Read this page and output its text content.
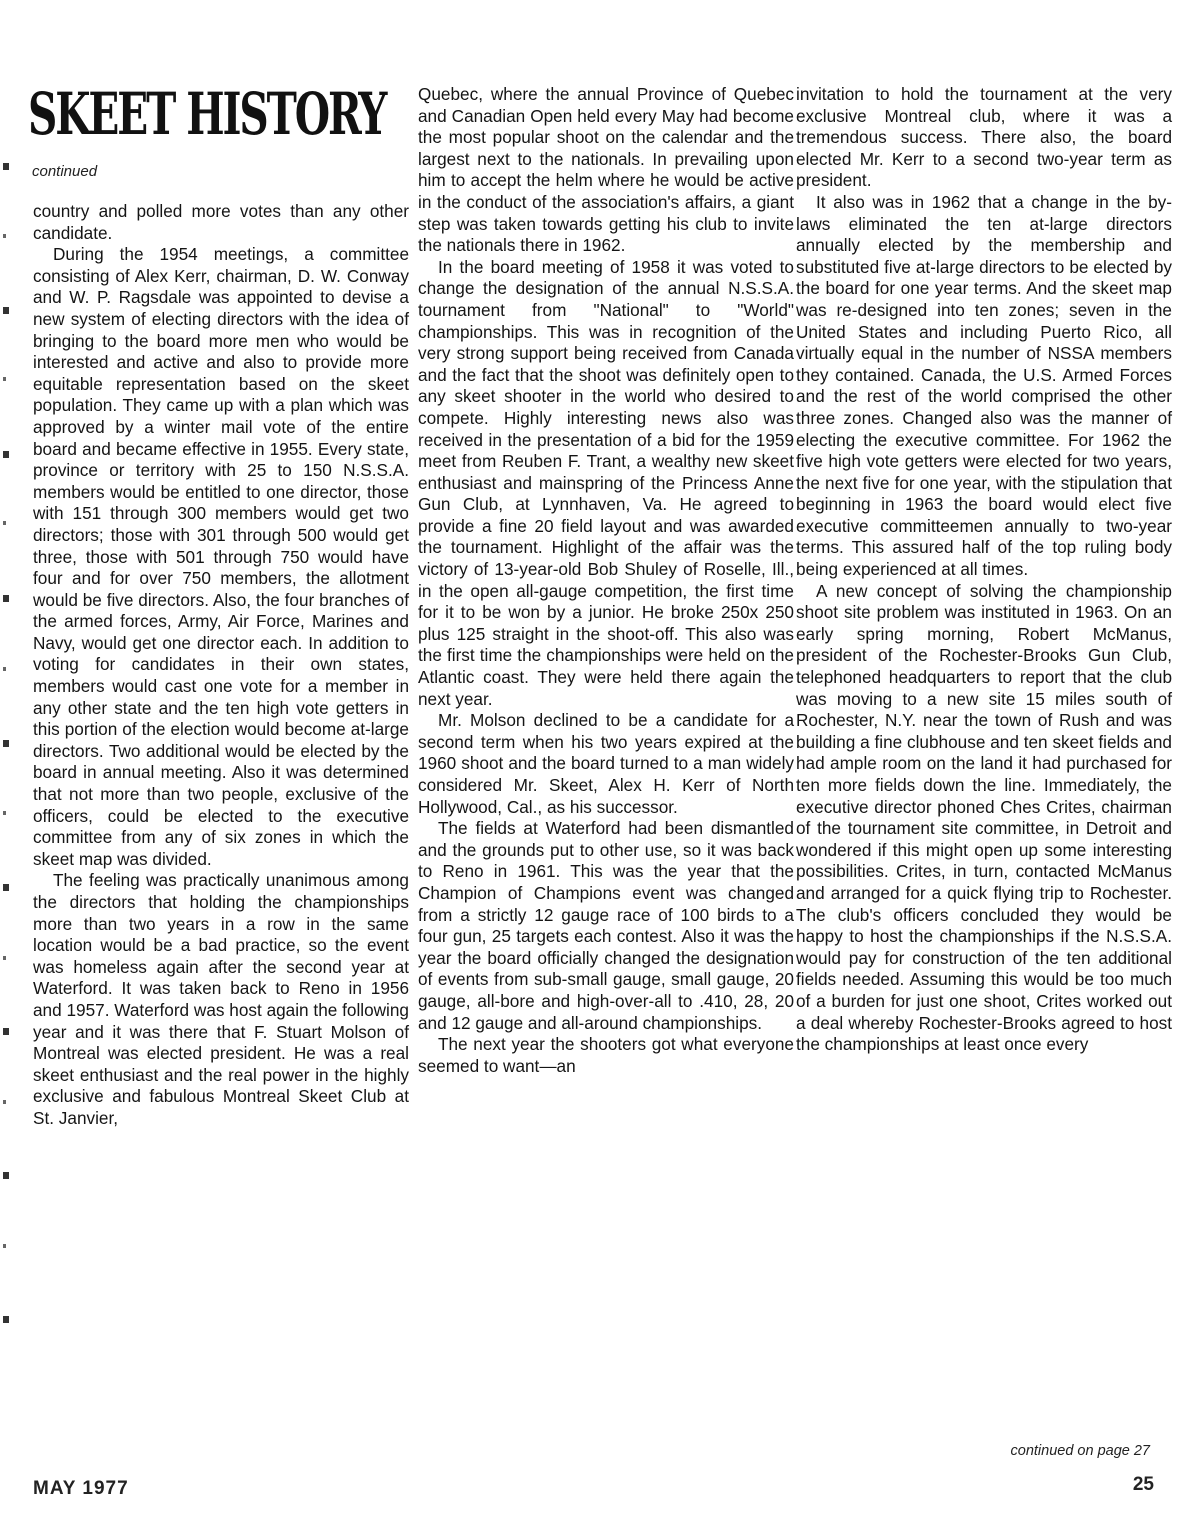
SKEET HISTORY
continued

country and polled more votes than any other candidate.

During the 1954 meetings, a committee consisting of Alex Kerr, chairman, D. W. Conway and W. P. Ragsdale was appointed to devise a new system of electing directors with the idea of bringing to the board more men who would be interested and active and also to provide more equitable representation based on the skeet population. They came up with a plan which was approved by a winter mail vote of the entire board and became effective in 1955. Every state, province or territory with 25 to 150 N.S.S.A. members would be entitled to one director, those with 151 through 300 members would get two directors; those with 301 through 500 would get three, those with 501 through 750 would have four and for over 750 members, the allotment would be five directors. Also, the four branches of the armed forces, Army, Air Force, Marines and Navy, would get one director each. In addition to voting for candidates in their own states, members would cast one vote for a member in any other state and the ten high vote getters in this portion of the election would become at-large directors. Two additional would be elected by the board in annual meeting. Also it was determined that not more than two people, exclusive of the officers, could be elected to the executive committee from any of six zones in which the skeet map was divided.

The feeling was practically unanimous among the directors that holding the championships more than two years in a row in the same location would be a bad practice, so the event was homeless again after the second year at Waterford. It was taken back to Reno in 1956 and 1957. Waterford was host again the following year and it was there that F. Stuart Molson of Montreal was elected president. He was a real skeet enthusiast and the real power in the highly exclusive and fabulous Montreal Skeet Club at St. Janvier,

Quebec, where the annual Province of Quebec and Canadian Open held every May had become the most popular shoot on the calendar and the largest next to the nationals. In prevailing upon him to accept the helm where he would be active in the conduct of the association's affairs, a giant step was taken towards getting his club to invite the nationals there in 1962.

In the board meeting of 1958 it was voted to change the designation of the annual N.S.S.A. tournament from "National" to "World" championships. This was in recognition of the very strong support being received from Canada and the fact that the shoot was definitely open to any skeet shooter in the world who desired to compete. Highly interesting news also was received in the presentation of a bid for the 1959 meet from Reuben F. Trant, a wealthy new skeet enthusiast and mainspring of the Princess Anne Gun Club, at Lynnhaven, Va. He agreed to provide a fine 20 field layout and was awarded the tournament. Highlight of the affair was the victory of 13-year-old Bob Shuley of Roselle, Ill., in the open all-gauge competition, the first time for it to be won by a junior. He broke 250x 250 plus 125 straight in the shoot-off. This also was the first time the championships were held on the Atlantic coast. They were held there again the next year.

Mr. Molson declined to be a candidate for a second term when his two years expired at the 1960 shoot and the board turned to a man widely considered Mr. Skeet, Alex H. Kerr of North Hollywood, Cal., as his successor.

The fields at Waterford had been dismantled and the grounds put to other use, so it was back to Reno in 1961. This was the year that the Champion of Champions event was changed from a strictly 12 gauge race of 100 birds to a four gun, 25 targets each contest. Also it was the year the board officially changed the designation of events from sub-small gauge, small gauge, 20 gauge, all-bore and high-over-all to .410, 28, 20 and 12 gauge and all-around championships.

The next year the shooters got what everyone seemed to want—an

invitation to hold the tournament at the very exclusive Montreal club, where it was a tremendous success. There also, the board elected Mr. Kerr to a second two-year term as president.

It also was in 1962 that a change in the by-laws eliminated the ten at-large directors annually elected by the membership and substituted five at-large directors to be elected by the board for one year terms. And the skeet map was re-designed into ten zones; seven in the United States and including Puerto Rico, all virtually equal in the number of NSSA members they contained. Canada, the U.S. Armed Forces and the rest of the world comprised the other three zones. Changed also was the manner of electing the executive committee. For 1962 the five high vote getters were elected for two years, the next five for one year, with the stipulation that beginning in 1963 the board would elect five executive committeemen annually to two-year terms. This assured half of the top ruling body being experienced at all times.

A new concept of solving the championship shoot site problem was instituted in 1963. On an early spring morning, Robert McManus, president of the Rochester-Brooks Gun Club, telephoned headquarters to report that the club was moving to a new site 15 miles south of Rochester, N.Y. near the town of Rush and was building a fine clubhouse and ten skeet fields and had ample room on the land it had purchased for ten more fields down the line. Immediately, the executive director phoned Ches Crites, chairman of the tournament site committee, in Detroit and wondered if this might open up some interesting possibilities. Crites, in turn, contacted McManus and arranged for a quick flying trip to Rochester. The club's officers concluded they would be happy to host the championships if the N.S.S.A. would pay for construction of the ten additional fields needed. Assuming this would be too much of a burden for just one shoot, Crites worked out a deal whereby Rochester-Brooks agreed to host the championships at least once every

continued on page 27
MAY 1977	25
